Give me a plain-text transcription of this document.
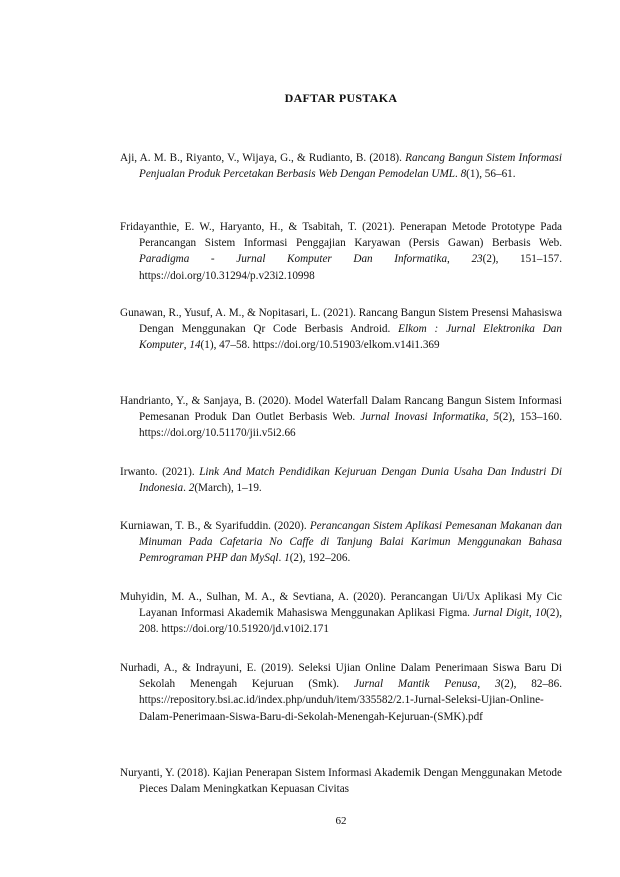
DAFTAR PUSTAKA
Aji, A. M. B., Riyanto, V., Wijaya, G., & Rudianto, B. (2018). Rancang Bangun Sistem Informasi Penjualan Produk Percetakan Berbasis Web Dengan Pemodelan UML. 8(1), 56–61.
Fridayanthie, E. W., Haryanto, H., & Tsabitah, T. (2021). Penerapan Metode Prototype Pada Perancangan Sistem Informasi Penggajian Karyawan (Persis Gawan) Berbasis Web. Paradigma - Jurnal Komputer Dan Informatika, 23(2), 151–157. https://doi.org/10.31294/p.v23i2.10998
Gunawan, R., Yusuf, A. M., & Nopitasari, L. (2021). Rancang Bangun Sistem Presensi Mahasiswa Dengan Menggunakan Qr Code Berbasis Android. Elkom : Jurnal Elektronika Dan Komputer, 14(1), 47–58. https://doi.org/10.51903/elkom.v14i1.369
Handrianto, Y., & Sanjaya, B. (2020). Model Waterfall Dalam Rancang Bangun Sistem Informasi Pemesanan Produk Dan Outlet Berbasis Web. Jurnal Inovasi Informatika, 5(2), 153–160. https://doi.org/10.51170/jii.v5i2.66
Irwanto. (2021). Link And Match Pendidikan Kejuruan Dengan Dunia Usaha Dan Industri Di Indonesia. 2(March), 1–19.
Kurniawan, T. B., & Syarifuddin. (2020). Perancangan Sistem Aplikasi Pemesanan Makanan dan Minuman Pada Cafetaria No Caffe di Tanjung Balai Karimun Menggunakan Bahasa Pemrograman PHP dan MySql. 1(2), 192–206.
Muhyidin, M. A., Sulhan, M. A., & Sevtiana, A. (2020). Perancangan Ui/Ux Aplikasi My Cic Layanan Informasi Akademik Mahasiswa Menggunakan Aplikasi Figma. Jurnal Digit, 10(2), 208. https://doi.org/10.51920/jd.v10i2.171
Nurhadi, A., & Indrayuni, E. (2019). Seleksi Ujian Online Dalam Penerimaan Siswa Baru Di Sekolah Menengah Kejuruan (Smk). Jurnal Mantik Penusa, 3(2), 82–86. https://repository.bsi.ac.id/index.php/unduh/item/335582/2.1-Jurnal-Seleksi-Ujian-Online-Dalam-Penerimaan-Siswa-Baru-di-Sekolah-Menengah-Kejuruan-(SMK).pdf
Nuryanti, Y. (2018). Kajian Penerapan Sistem Informasi Akademik Dengan Menggunakan Metode Pieces Dalam Meningkatkan Kepuasan Civitas
62
